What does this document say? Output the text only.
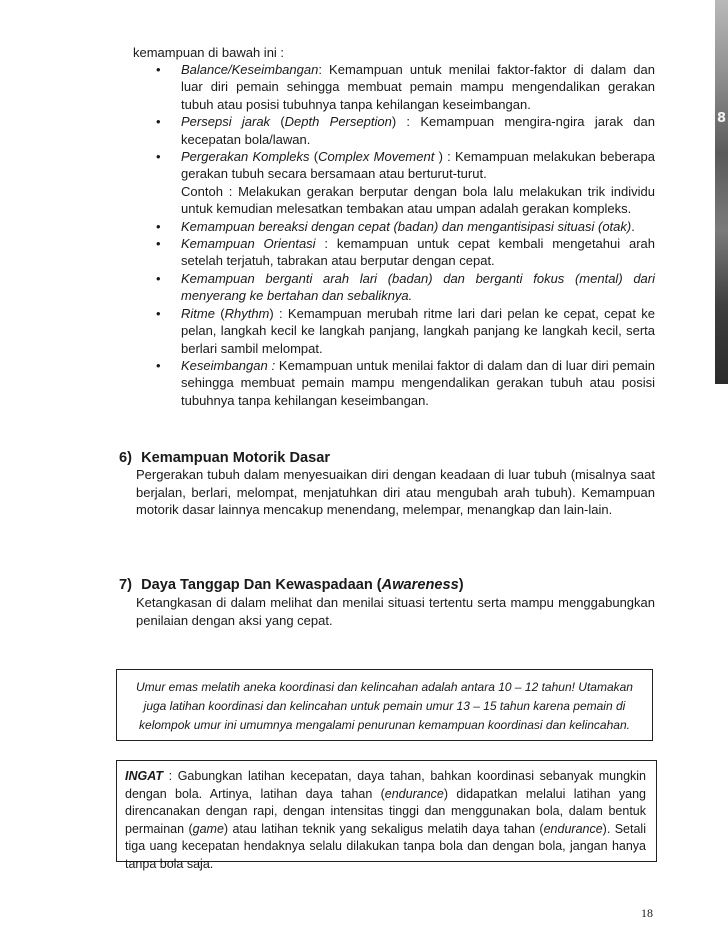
8
kemampuan di bawah ini :
• Balance/Keseimbangan: Kemampuan untuk menilai faktor-faktor di dalam dan luar diri pemain sehingga membuat pemain mampu mengendalikan gerakan tubuh atau posisi tubuhnya tanpa kehilangan keseimbangan.
• Persepsi jarak (Depth Perseption) : Kemampuan mengira-ngira jarak dan kecepatan bola/lawan.
• Pergerakan Kompleks (Complex Movement ) : Kemampuan melakukan beberapa gerakan tubuh secara bersamaan atau berturut-turut.
Contoh : Melakukan gerakan berputar dengan bola lalu melakukan trik individu untuk kemudian melesatkan tembakan atau umpan adalah gerakan kompleks.
• Kemampuan bereaksi dengan cepat (badan) dan mengantisipasi situasi (otak).
• Kemampuan Orientasi : kemampuan untuk cepat kembali mengetahui arah setelah terjatuh, tabrakan atau berputar dengan cepat.
• Kemampuan berganti arah lari (badan) dan berganti fokus (mental) dari menyerang ke bertahan dan sebaliknya.
• Ritme (Rhythm) : Kemampuan merubah ritme lari dari pelan ke cepat, cepat ke pelan, langkah kecil ke langkah panjang, langkah panjang ke langkah kecil, serta berlari sambil melompat.
• Keseimbangan : Kemampuan untuk menilai faktor di dalam dan di luar diri pemain sehingga membuat pemain mampu mengendalikan gerakan tubuh atau posisi tubuhnya tanpa kehilangan keseimbangan.
6) Kemampuan Motorik Dasar
Pergerakan tubuh dalam menyesuaikan diri dengan keadaan di luar tubuh (misalnya saat berjalan, berlari, melompat, menjatuhkan diri atau mengubah arah tubuh). Kemampuan motorik dasar lainnya mencakup menendang, melempar, menangkap dan lain-lain.
7) Daya Tanggap Dan Kewaspadaan (Awareness)
Ketangkasan di dalam melihat dan menilai situasi tertentu serta mampu menggabungkan penilaian dengan aksi yang cepat.
Umur emas melatih aneka koordinasi dan kelincahan adalah antara 10 – 12 tahun! Utamakan
juga latihan koordinasi dan kelincahan untuk pemain umur 13 – 15 tahun karena pemain di
kelompok umur ini umumnya mengalami penurunan kemampuan koordinasi dan kelincahan.
INGAT : Gabungkan latihan kecepatan, daya tahan, bahkan koordinasi sebanyak mungkin dengan bola. Artinya, latihan daya tahan (endurance) didapatkan melalui latihan yang direncanakan dengan rapi, dengan intensitas tinggi dan menggunakan bola, dalam bentuk permainan (game) atau latihan teknik yang sekaligus melatih daya tahan (endurance). Setali tiga uang kecepatan hendaknya selalu dilakukan tanpa bola dan dengan bola, jangan hanya tanpa bola saja.
18
